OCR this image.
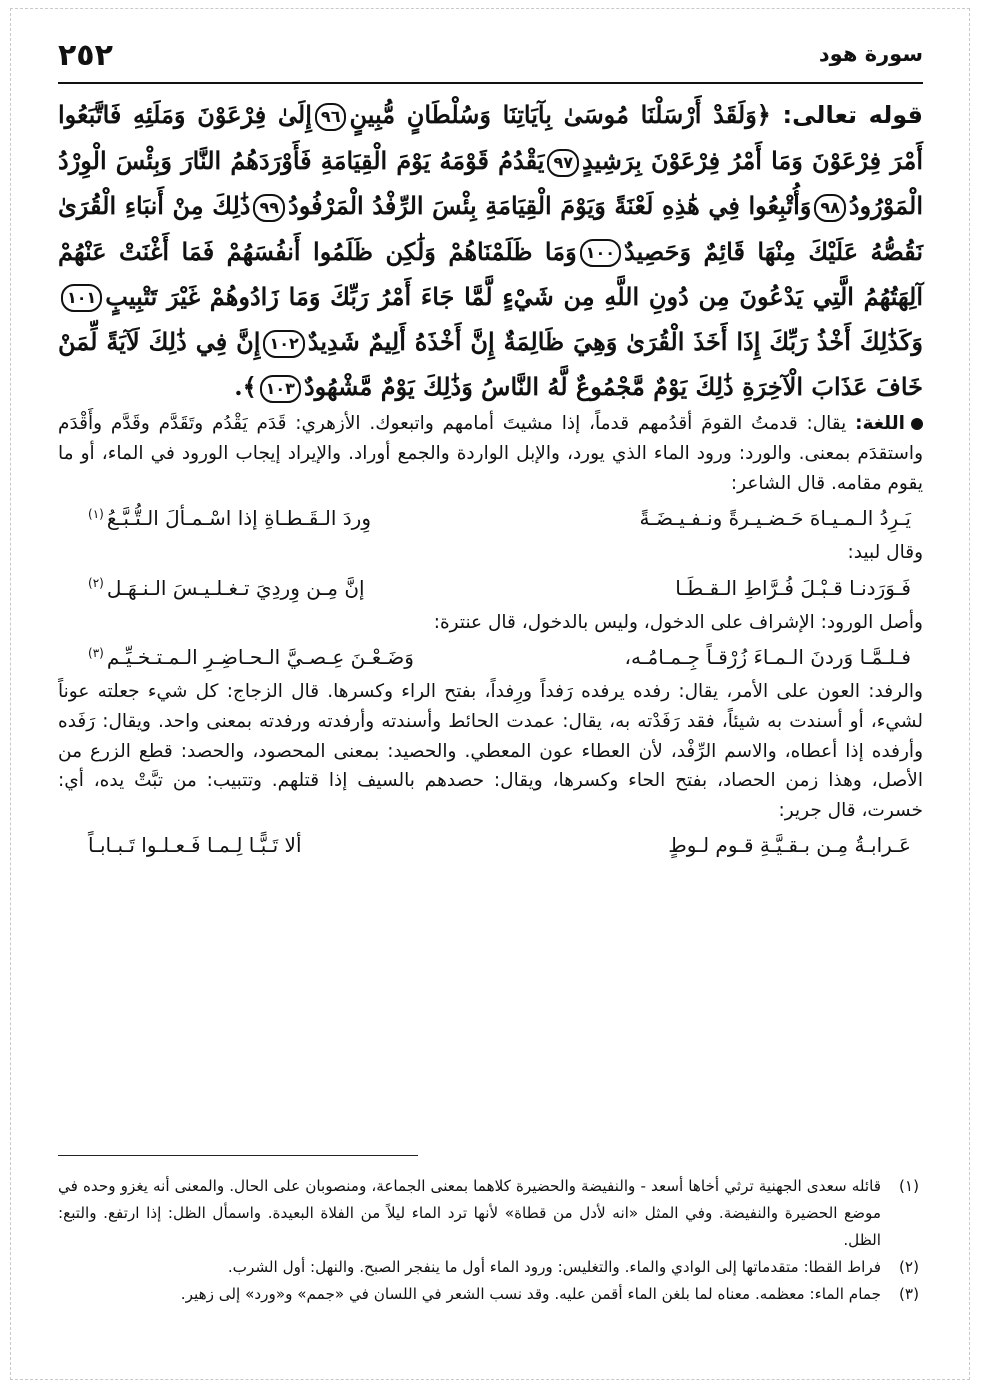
سورة هود
٢٥٢
قوله تعالى: ﴿وَلَقَدْ أَرْسَلْنَا مُوسَىٰ بِآيَاتِنَا وَسُلْطَانٍ مُّبِينٍ٩٦إِلَىٰ فِرْعَوْنَ وَمَلَئِهِ فَاتَّبَعُوا أَمْرَ فِرْعَوْنَ وَمَا أَمْرُ فِرْعَوْنَ بِرَشِيدٍ٩٧يَقْدُمُ قَوْمَهُ يَوْمَ الْقِيَامَةِ فَأَوْرَدَهُمُ النَّارَ وَبِئْسَ الْوِرْدُ الْمَوْرُودُ٩٨وَأُتْبِعُوا فِي هَٰذِهِ لَعْنَةً وَيَوْمَ الْقِيَامَةِ بِئْسَ الرِّفْدُ الْمَرْفُودُ٩٩ذَٰلِكَ مِنْ أَنبَاءِ الْقُرَىٰ نَقُصُّهُ عَلَيْكَ مِنْهَا قَائِمٌ وَحَصِيدٌ١٠٠وَمَا ظَلَمْنَاهُمْ وَلَٰكِن ظَلَمُوا أَنفُسَهُمْ فَمَا أَغْنَتْ عَنْهُمْ آلِهَتُهُمُ الَّتِي يَدْعُونَ مِن دُونِ اللَّهِ مِن شَيْءٍ لَّمَّا جَاءَ أَمْرُ رَبِّكَ وَمَا زَادُوهُمْ غَيْرَ تَتْبِيبٍ١٠١وَكَذَٰلِكَ أَخْذُ رَبِّكَ إِذَا أَخَذَ الْقُرَىٰ وَهِيَ ظَالِمَةٌ إِنَّ أَخْذَهُ أَلِيمٌ شَدِيدٌ١٠٢إِنَّ فِي ذَٰلِكَ لَآيَةً لِّمَنْ خَافَ عَذَابَ الْآخِرَةِ ذَٰلِكَ يَوْمٌ مَّجْمُوعٌ لَّهُ النَّاسُ وَذَٰلِكَ يَوْمٌ مَّشْهُودٌ١٠٣﴾.

اللغة: يقال: قدمتُ القومَ أقدُمهم قدماً، إذا مشيتَ أمامهم واتبعوك. الأزهري: قَدَم يَقْدُم وتَقَدَّم وقَدَّم وأَقْدَم واستقدَم بمعنى. والورد: ورود الماء الذي يورد، والإبل الواردة والجمع أوراد. والإيراد إيجاب الورود في الماء، أو ما يقوم مقامه. قال الشاعر:

يَـرِدُ الـمـيـاهَ حَـضـيـرةً ونـفـيـضَـةً
وِردَ الـقَـطـاةِ إذا اسْـمـألَ الـتُّـبَّـعُ$^{(١)}$

وقال لبيد:

فَـوَرَدنـا قـبْـلَ فُـرَّاطِ الـقـطَـا
إنَّ مِـن وِردِيَ تـغـلـيـسَ الـنـهَـل$^{(٢)}$

وأصل الورود: الإشراف على الدخول، وليس بالدخول، قال عنترة:

فـلـمَّـا وَردنَ الـمـاءَ زُرْقـاً جِـمـامُـه،
وَضَـعْـنَ عِـصـيَّ الـحـاضِـرِ الـمـتـخـيِّـم$^{(٣)}$

والرفد: العون على الأمر، يقال: رفده يرفده رَفداً ورِفداً، بفتح الراء وكسرها. قال الزجاج: كل شيء جعلته عوناً لشيء، أو أسندت به شيئاً، فقد رَفَدْته به، يقال: عمدت الحائط وأسندته وأرفدته ورفدته بمعنى واحد. ويقال: رَفَده وأرفده إذا أعطاه، والاسم الرِّفْد، لأن العطاء عون المعطي. والحصيد: بمعنى المحصود، والحصد: قطع الزرع من الأصل، وهذا زمن الحصاد، بفتح الحاء وكسرها، ويقال: حصدهم بالسيف إذا قتلهم. وتتبيب: من تبَّتْ يده، أي: خسرت، قال جرير:

عَـرابـةُ مِـن بـقـيَّـةِ قـوم لـوطٍ
ألا تَـبًّـا لِـمـا فَـعـلـوا تَـبـابـاً
(١)
قائله سعدى الجهنية ترثي أخاها أسعد - والنفيضة والحضيرة كلاهما بمعنى الجماعة، ومنصوبان على الحال. والمعنى أنه يغزو وحده في موضع الحضيرة والنفيضة. وفي المثل «انه لأدل من قطاة» لأنها ترد الماء ليلاً من الفلاة البعيدة. واسمأل الظل: إذا ارتفع. والتبع: الظل.
(٢)
فراط القطا: متقدماتها إلى الوادي والماء. والتغليس: ورود الماء أول ما ينفجر الصبح. والنهل: أول الشرب.
(٣)
جمام الماء: معظمه. معناه لما بلغن الماء أقمن عليه. وقد نسب الشعر في اللسان في «جمم» و«ورد» إلى زهير.
